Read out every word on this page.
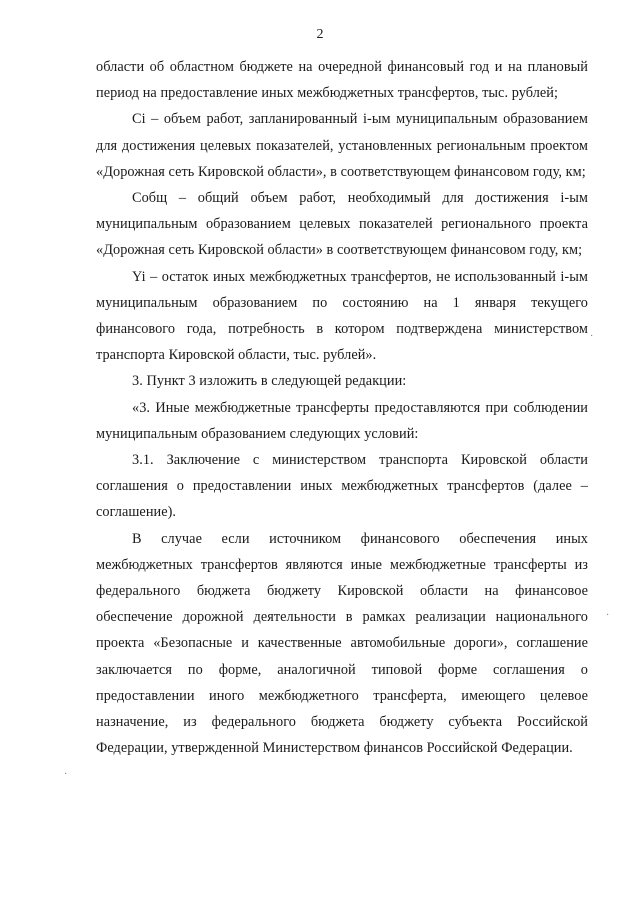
2

области об областном бюджете на очередной финансовый год и на плановый период на предоставление иных межбюджетных трансфертов, тыс. рублей;

Сi – объем работ, запланированный i-ым муниципальным образованием для достижения целевых показателей, установленных региональным проектом «Дорожная сеть Кировской области», в соответствующем финансовом году, км;

Собщ – общий объем работ, необходимый для достижения i-ым муниципальным образованием целевых показателей регионального проекта «Дорожная сеть Кировской области» в соответствующем финансовом году, км;

Yi – остаток иных межбюджетных трансфертов, не использованный i-ым муниципальным образованием по состоянию на 1 января текущего финансового года, потребность в котором подтверждена министерством транспорта Кировской области, тыс. рублей».

3. Пункт 3 изложить в следующей редакции:

«3. Иные межбюджетные трансферты предоставляются при соблюдении муниципальным образованием следующих условий:

3.1. Заключение с министерством транспорта Кировской области соглашения о предоставлении иных межбюджетных трансфертов (далее – соглашение).

В случае если источником финансового обеспечения иных межбюджетных трансфертов являются иные межбюджетные трансферты из федерального бюджета бюджету Кировской области на финансовое обеспечение дорожной деятельности в рамках реализации национального проекта «Безопасные и качественные автомобильные дороги», соглашение заключается по форме, аналогичной типовой форме соглашения о предоставлении иного межбюджетного трансферта, имеющего целевое назначение, из федерального бюджета бюджету субъекта Российской Федерации, утвержденной Министерством финансов Российской Федерации.

·
·
·
